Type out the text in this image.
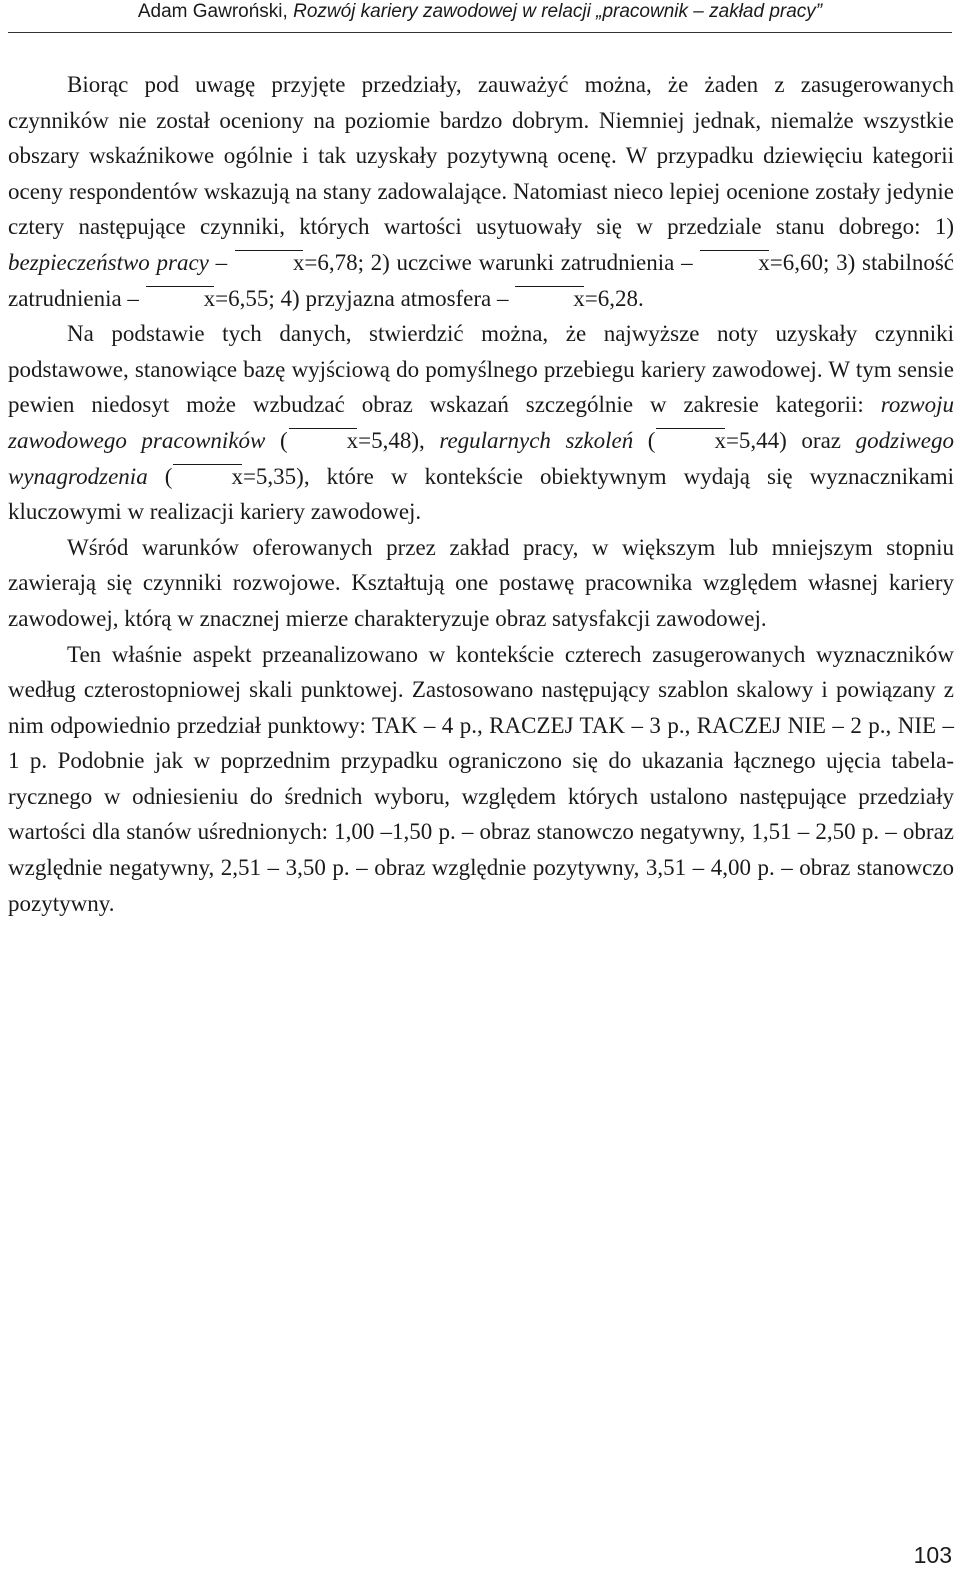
Adam Gawroński, Rozwój kariery zawodowej w relacji „pracownik – zakład pracy”

Biorąc pod uwagę przyjęte przedziały, zauważyć można, że żaden z zasugerowanych czynników nie został oceniony na poziomie bardzo dobrym. Niemniej jednak, niemalże wszystkie obszary wskaźnikowe ogólnie i tak uzyskały pozytywną ocenę. W przypadku dziewięciu kategorii oceny respondentów wskazują na stany zadowalające. Natomiast nieco lepiej ocenione zostały jedynie cztery następujące czynniki, których wartości usytuowały się w przedziale stanu dobrego: 1) bezpieczeństwo pracy –	x=6,78; 2) uczciwe warunki zatrudnienia –	x=6,60; 3) stabilność zatrudnienia –	x=6,55; 4) przyjazna atmosfera –	x=6,28.

Na podstawie tych danych, stwierdzić można, że najwyższe noty uzyskały czynniki podstawowe, stanowiące bazę wyjściową do pomyślnego przebiegu kariery zawodowej. W tym sensie pewien niedosyt może wzbudzać obraz wskazań szczególnie w zakresie kategorii: rozwoju zawodowego pracowników (	x=5,48), regularnych szkoleń (	x=5,44) oraz godziwego wynagrodzenia (	x=5,35), które w kontekście obiektywnym wydają się wyznacznikami kluczowymi w realizacji kariery zawodowej.

Wśród warunków oferowanych przez zakład pracy, w większym lub mniejszym stopniu zawierają się czynniki rozwojowe. Kształtują one postawę pracownika względem własnej kariery zawodowej, którą w znacznej mierze charakteryzuje obraz satysfakcji zawodowej.

Ten właśnie aspekt przeanalizowano w kontekście czterech zasugerowanych wyznaczników według czterostopniowej skali punktowej. Zastosowano następujący szablon skalowy i powiązany z nim odpowiednio przedział punktowy: TAK – 4 p., RACZEJ TAK – 3 p., RACZEJ NIE – 2 p., NIE – 1 p. Podobnie jak w poprzednim przypadku ograniczono się do ukazania łącznego ujęcia tabelarycznego w odniesieniu do średnich wyboru, względem których ustalono następujące przedziały wartości dla stanów uśrednionych: 1,00 –1,50 p. – obraz stanowczo negatywny, 1,51 – 2,50 p. – obraz względnie negatywny, 2,51 – 3,50 p. – obraz względnie pozytywny, 3,51 – 4,00 p. – obraz stanowczo pozytywny.

103
